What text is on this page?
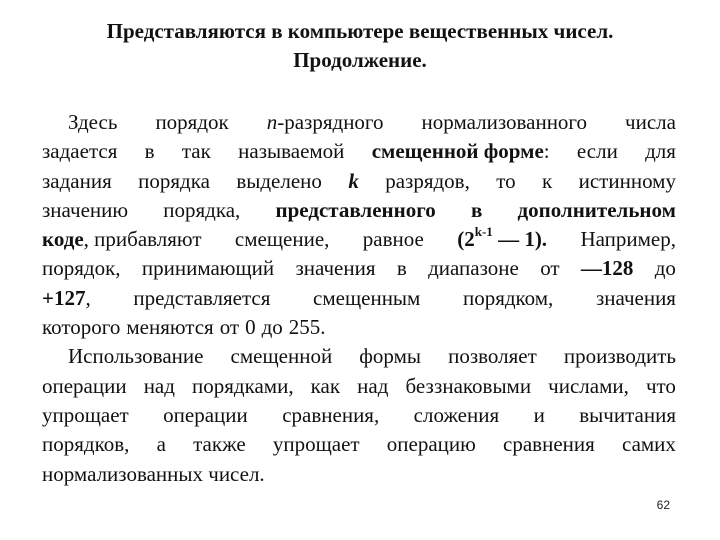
Представляются в компьютере вещественных чисел.
Продолжение.
Здесь порядок n-разрядного нормализованного числа
задается в так называемой смещенной форме: если для
задания порядка выделено k разрядов, то к истинному
значению порядка, представленного в дополнительном
коде, прибавляют смещение, равное (2$^{k-1}$ — 1). Например,
порядок, принимающий значения в диапазоне от —128 до
+127, представляется смещенным порядком, значения
которого меняются от 0 до 255.
Использование смещенной формы позволяет производить
операции над порядками, как над беззнаковыми числами, что
упрощает операции сравнения, сложения и вычитания
порядков, а также упрощает операцию сравнения самих
нормализованных чисел.
62
